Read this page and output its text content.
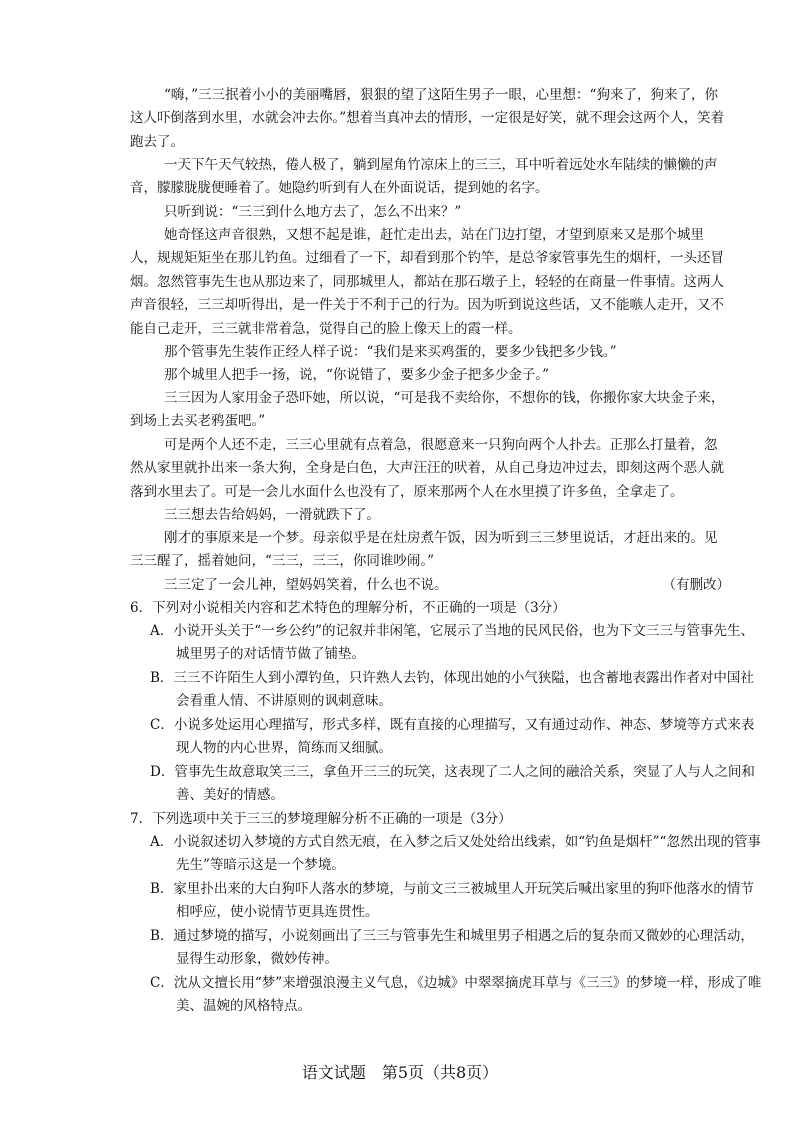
“嗨，”三三抿着小小的美丽嘴唇，狠狠的望了这陌生男子一眼，心里想：“狗来了，狗来了，你这人吓倒落到水里，水就会冲去你。”想着当真冲去的情形，一定很是好笑，就不理会这两个人，笑着跑去了。

一天下午天气较热，倦人极了，躺到屋角竹凉床上的三三，耳中听着远处水车陆续的懒懒的声音，朦朦胧胧便睡着了。她隐约听到有人在外面说话，提到她的名字。

只听到说：“三三到什么地方去了，怎么不出来？”

她奇怪这声音很熟，又想不起是谁，赶忙走出去，站在门边打望，才望到原来又是那个城里人，规规矩矩坐在那儿钓鱼。过细看了一下，却看到那个钓竿，是总爷家管事先生的烟杆，一头还冒烟。忽然管事先生也从那边来了，同那城里人，都站在那石墩子上，轻轻的在商量一件事情。这两人声音很轻，三三却听得出，是一件关于不利于己的行为。因为听到说这些话，又不能嗾人走开，又不能自己走开，三三就非常着急，觉得自己的脸上像天上的霞一样。

那个管事先生装作正经人样子说：“我们是来买鸡蛋的，要多少钱把多少钱。”

那个城里人把手一扬，说，“你说错了，要多少金子把多少金子。”

三三因为人家用金子恐吓她，所以说，“可是我不卖给你，不想你的钱，你搬你家大块金子来，到场上去买老鸦蛋吧。”

可是两个人还不走，三三心里就有点着急，很愿意来一只狗向两个人扑去。正那么打量着，忽然从家里就扑出来一条大狗，全身是白色，大声汪汪的吠着，从自己身边冲过去，即刻这两个恶人就落到水里去了。可是一会儿水面什么也没有了，原来那两个人在水里摸了许多鱼，全拿走了。

三三想去告给妈妈，一滑就跌下了。

刚才的事原来是一个梦。母亲似乎是在灶房煮午饭，因为听到三三梦里说话，才赶出来的。见三三醒了，摇着她问，“三三，三三，你同谁吵闹。”

三三定了一会儿神，望妈妈笑着，什么也不说。	（有删改）

6．下列对小说相关内容和艺术特色的理解分析，不正确的一项是（3分）

A．小说开头关于“一乡公约”的记叙并非闲笔，它展示了当地的民风民俗，也为下文三三与管事先生、城里男子的对话情节做了铺垫。

B．三三不许陌生人到小潭钓鱼，只许熟人去钓，体现出她的小气狭隘，也含蓄地表露出作者对中国社会看重人情、不讲原则的讽刺意味。

C．小说多处运用心理描写，形式多样，既有直接的心理描写，又有通过动作、神态、梦境等方式来表现人物的内心世界，简练而又细腻。

D．管事先生故意取笑三三，拿鱼开三三的玩笑，这表现了二人之间的融洽关系，突显了人与人之间和善、美好的情感。

7．下列选项中关于三三的梦境理解分析不正确的一项是（3分）

A．小说叙述切入梦境的方式自然无痕，在入梦之后又处处给出线索，如“钓鱼是烟杆”“忽然出现的管事先生”等暗示这是一个梦境。

语文试题　第5页（共8页）

B．家里扑出来的大白狗吓人落水的梦境，与前文三三被城里人开玩笑后喊出家里的狗吓他落水的情节相呼应，使小说情节更具连贯性。

B．通过梦境的描写，小说刻画出了三三与管事先生和城里男子相遇之后的复杂而又微妙的心理活动，显得生动形象，微妙传神。

C．沈从文擅长用“梦”来增强浪漫主义气息，《边城》中翠翠摘虎耳草与《三三》的梦境一样，形成了唯美、温婉的风格特点。
